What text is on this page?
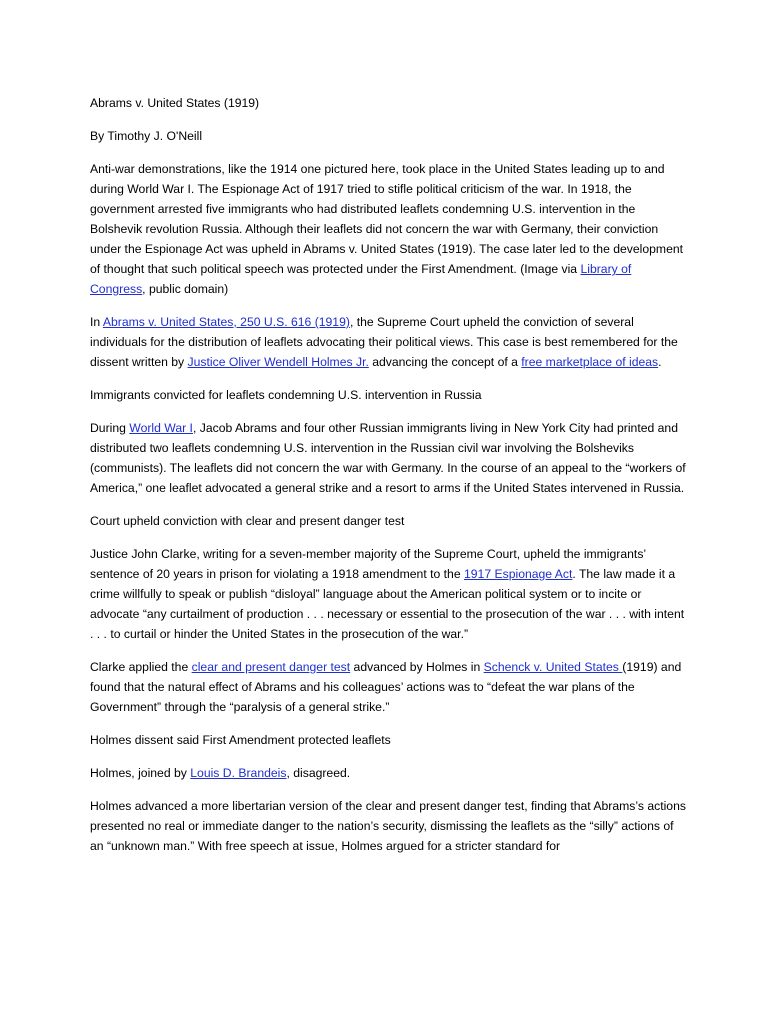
Abrams v. United States (1919)

By Timothy J. O'Neill

Anti-war demonstrations, like the 1914 one pictured here, took place in the United States leading up to and during World War I. The Espionage Act of 1917 tried to stifle political criticism of the war. In 1918, the government arrested five immigrants who had distributed leaflets condemning U.S. intervention in the Bolshevik revolution Russia. Although their leaflets did not concern the war with Germany, their conviction under the Espionage Act was upheld in Abrams v. United States (1919). The case later led to the development of thought that such political speech was protected under the First Amendment. (Image via Library of Congress, public domain)

In Abrams v. United States, 250 U.S. 616 (1919), the Supreme Court upheld the conviction of several individuals for the distribution of leaflets advocating their political views. This case is best remembered for the dissent written by Justice Oliver Wendell Holmes Jr. advancing the concept of a free marketplace of ideas.

Immigrants convicted for leaflets condemning U.S. intervention in Russia

During World War I, Jacob Abrams and four other Russian immigrants living in New York City had printed and distributed two leaflets condemning U.S. intervention in the Russian civil war involving the Bolsheviks (communists). The leaflets did not concern the war with Germany. In the course of an appeal to the “workers of America,” one leaflet advocated a general strike and a resort to arms if the United States intervened in Russia.

Court upheld conviction with clear and present danger test

Justice John Clarke, writing for a seven-member majority of the Supreme Court, upheld the immigrants’ sentence of 20 years in prison for violating a 1918 amendment to the 1917 Espionage Act. The law made it a crime willfully to speak or publish “disloyal” language about the American political system or to incite or advocate “any curtailment of production . . . necessary or essential to the prosecution of the war . . . with intent . . . to curtail or hinder the United States in the prosecution of the war.”

Clarke applied the clear and present danger test advanced by Holmes in Schenck v. United States (1919) and found that the natural effect of Abrams and his colleagues’ actions was to “defeat the war plans of the Government” through the “paralysis of a general strike.”

Holmes dissent said First Amendment protected leaflets

Holmes, joined by Louis D. Brandeis, disagreed.

Holmes advanced a more libertarian version of the clear and present danger test, finding that Abrams’s actions presented no real or immediate danger to the nation’s security, dismissing the leaflets as the “silly” actions of an “unknown man.” With free speech at issue, Holmes argued for a stricter standard for
